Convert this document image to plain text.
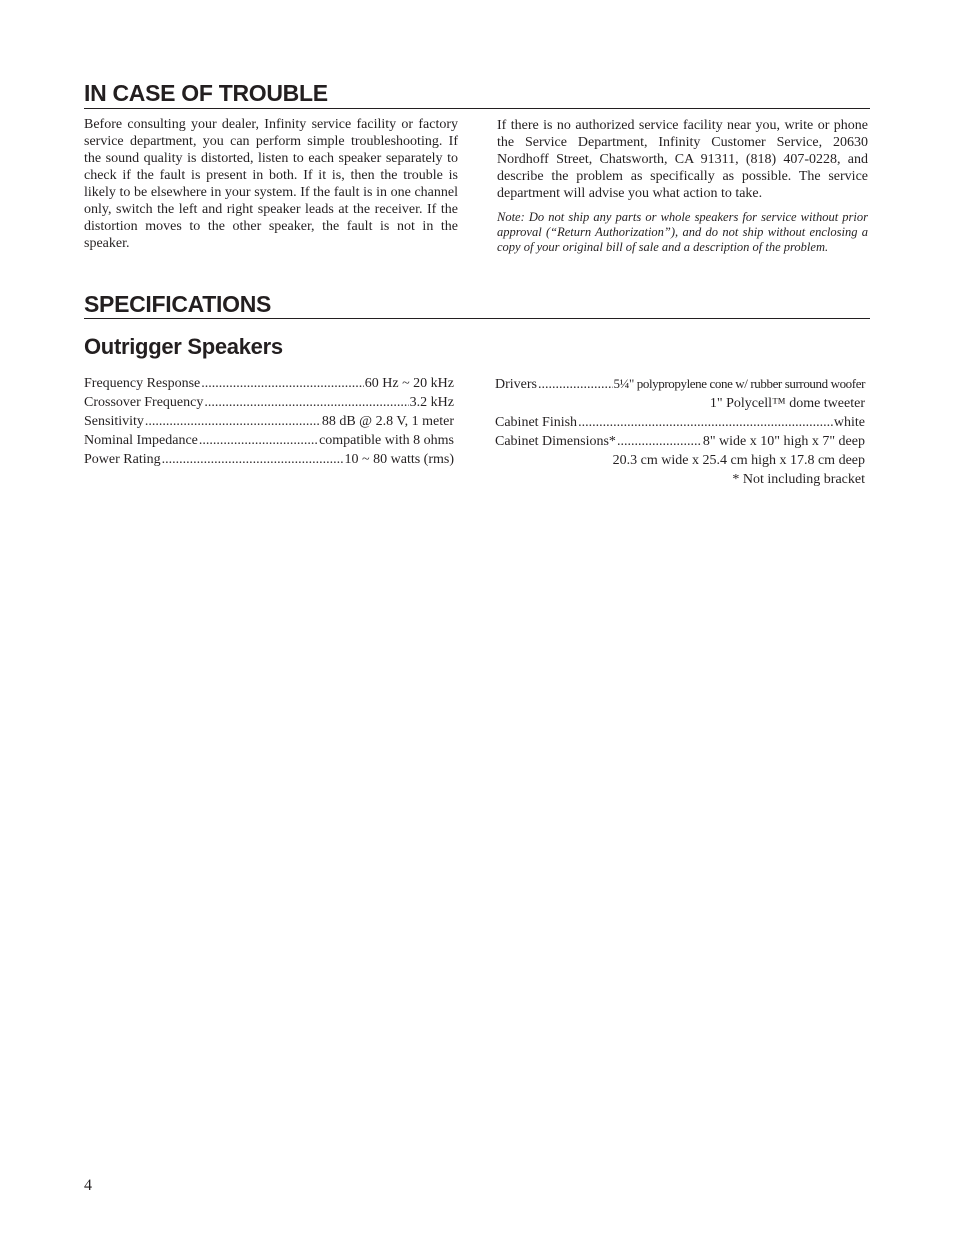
IN CASE OF TROUBLE

Before consulting your dealer, Infinity service facility or factory service department, you can perform simple troubleshooting. If the sound quality is distorted, listen to each speaker separately to check if the fault is present in both. If it is, then the trouble is likely to be elsewhere in your system. If the fault is in one channel only, switch the left and right speaker leads at the receiver. If the distortion moves to the other speaker, the fault is not in the speaker.

If there is no authorized service facility near you, write or phone the Service Department, Infinity Customer Service, 20630 Nordhoff Street, Chatsworth, CA 91311, (818) 407-0228, and describe the problem as specifically as possible. The service department will advise you what action to take.

Note: Do not ship any parts or whole speakers for service without prior approval (“Return Authorization”), and do not ship without enclosing a copy of your original bill of sale and a description of the problem.

SPECIFICATIONS
Outrigger Speakers
Frequency Response .....	60 Hz ~ 20 kHz
Crossover Frequency .....	3.2 kHz
Sensitivity .....	88 dB @ 2.8 V, 1 meter
Nominal Impedance .....	compatible with 8 ohms
Power Rating .....	10 ~ 80 watts (rms)
Drivers .....	5¼" polypropylene cone w/ rubber surround woofer
1" Polycell™ dome tweeter
Cabinet Finish .....	white
Cabinet Dimensions* .....	8" wide x 10" high x 7" deep
20.3 cm wide x 25.4 cm high x 17.8 cm deep
* Not including bracket
4
